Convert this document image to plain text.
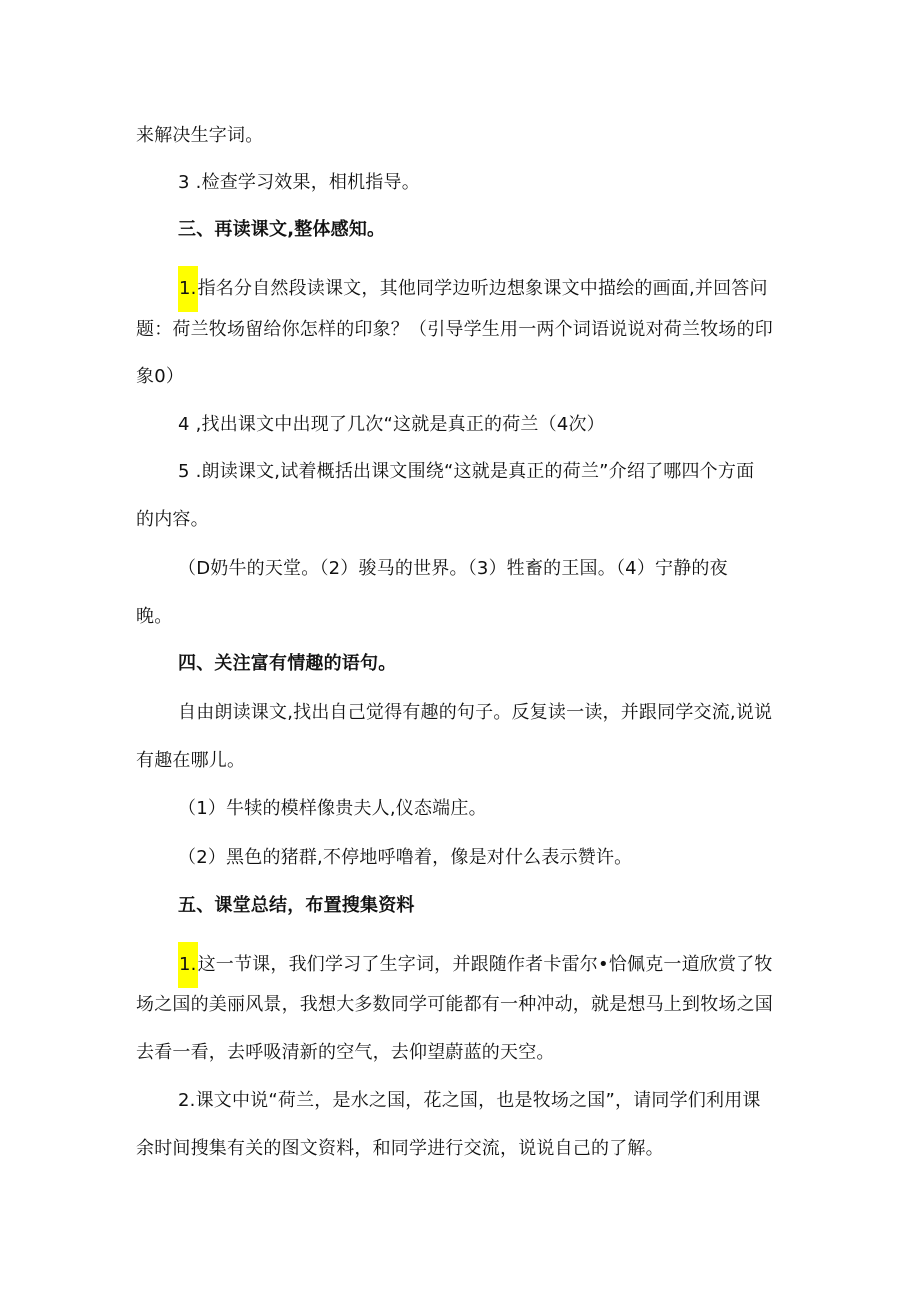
来解决生字词。
3 .检查学习效果，相机指导。
三、再读课文,整体感知。
1.指名分自然段读课文，其他同学边听边想象课文中描绘的画面,并回答问
题：荷兰牧场留给你怎样的印象？（引导学生用一两个词语说说对荷兰牧场的印
象0）
4 ,找出课文中出现了几次“这就是真正的荷兰（4次）
5 .朗读课文,试着概括出课文围绕“这就是真正的荷兰”介绍了哪四个方面
的内容。
（D奶牛的天堂。（2）骏马的世界。（3）牲畜的王国。（4）宁静的夜
晚。
四、关注富有情趣的语句。
自由朗读课文,找出自己觉得有趣的句子。反复读一读，并跟同学交流,说说
有趣在哪儿。
（1）牛犊的模样像贵夫人,仪态端庄。
（2）黑色的猪群,不停地呼噜着，像是对什么表示赞许。
五、课堂总结，布置搜集资料
1.这一节课，我们学习了生字词，并跟随作者卡雷尔•恰佩克一道欣赏了牧
场之国的美丽风景，我想大多数同学可能都有一种冲动，就是想马上到牧场之国
去看一看，去呼吸清新的空气，去仰望蔚蓝的天空。
2.课文中说“荷兰，是水之国，花之国，也是牧场之国”，请同学们利用课
余时间搜集有关的图文资料，和同学进行交流，说说自己的了解。
